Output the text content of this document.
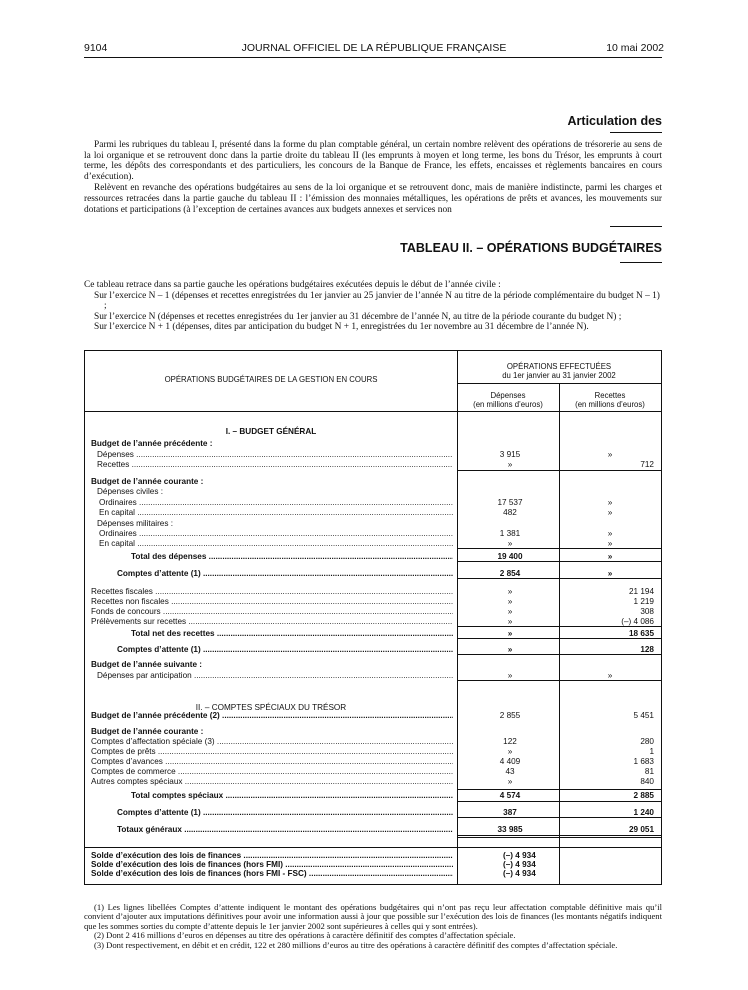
9104	JOURNAL OFFICIEL DE LA RÉPUBLIQUE FRANÇAISE	10 mai 2002
Articulation des

Parmi les rubriques du tableau I, présenté dans la forme du plan comptable général, un certain nombre relèvent des opérations de trésorerie au sens de la loi organique et se retrouvent donc dans la partie droite du tableau II (les emprunts à moyen et long terme, les bons du Trésor, les emprunts à court terme, les dépôts des correspondants et des particuliers, les concours de la Banque de France, les effets, encaisses et règlements bancaires en cours d’exécution).

Relèvent en revanche des opérations budgétaires au sens de la loi organique et se retrouvent donc, mais de manière indistincte, parmi les charges et ressources retracées dans la partie gauche du tableau II : l’émission des monnaies métalliques, les opérations de prêts et avances, les mouvements sur dotations et participations (à l’exception de certaines avances aux budgets annexes et services non

TABLEAU II. – OPÉRATIONS BUDGÉTAIRES

Ce tableau retrace dans sa partie gauche les opérations budgétaires exécutées depuis le début de l’année civile :

Sur l’exercice N – 1 (dépenses et recettes enregistrées du 1er janvier au 25 janvier de l’année N au titre de la période complémentaire du budget N – 1) ;

Sur l’exercice N (dépenses et recettes enregistrées du 1er janvier au 31 décembre de l’année N, au titre de la période courante du budget N) ;

Sur l’exercice N + 1 (dépenses, dites par anticipation du budget N + 1, enregistrées du 1er novembre au 31 décembre de l’année N).

OPÉRATIONS BUDGÉTAIRES DE LA GESTION EN COURS
OPÉRATIONS EFFECTUÉES
du 1er janvier au 31 janvier 2002
Dépenses
(en millions d’euros)
Recettes
(en millions d’euros)
I. – BUDGET GÉNÉRAL
II. – COMPTES SPÉCIAUX DU TRÉSOR
Budget de l’année précédente :
Dépenses .....	3 915	»
Recettes .....	»	712
Budget de l’année courante :
Dépenses civiles :
Ordinaires .....	17 537	»
En capital .....	482	»
Dépenses militaires :
Ordinaires .....	1 381	»
En capital .....	»	»
Total des dépenses .....	19 400	»
Comptes d’attente (1) .....	2 854	»
Recettes fiscales .....	»	21 194
Recettes non fiscales .....	»	1 219
Fonds de concours .....	»	308
Prélèvements sur recettes .....	»	(–) 4 086
Total net des recettes .....	»	18 635
Comptes d’attente (1) .....	»	128
Budget de l’année suivante :
Dépenses par anticipation .....	»	»
Budget de l’année précédente (2) .....	2 855	5 451
Budget de l’année courante :
Comptes d’affectation spéciale (3) .....	122	280
Comptes de prêts .....	»	1
Comptes d’avances .....	4 409	1 683
Comptes de commerce .....	43	81
Autres comptes spéciaux .....	»	840
Total comptes spéciaux .....	4 574	2 885
Comptes d’attente (1) .....	387	1 240
Totaux généraux .....	33 985	29 051
Solde d’exécution des lois de finances .....	(–) 4 934
Solde d’exécution des lois de finances (hors FMI) .....	(–) 4 934
Solde d’exécution des lois de finances (hors FMI - FSC) .....	(–) 4 934

(1) Les lignes libellées Comptes d’attente indiquent le montant des opérations budgétaires qui n’ont pas reçu leur affectation comptable définitive mais qu’il convient d’ajouter aux imputations définitives pour avoir une information aussi à jour que possible sur l’exécution des lois de finances (les montants négatifs indiquent que les sommes sorties du compte d’attente depuis le 1er janvier 2002 sont supérieures à celles qui y sont entrées).

(2) Dont 2 416 millions d’euros en dépenses au titre des opérations à caractère définitif des comptes d’affectation spéciale.

(3) Dont respectivement, en débit et en crédit, 122 et 280 millions d’euros au titre des opérations à caractère définitif des comptes d’affectation spéciale.
